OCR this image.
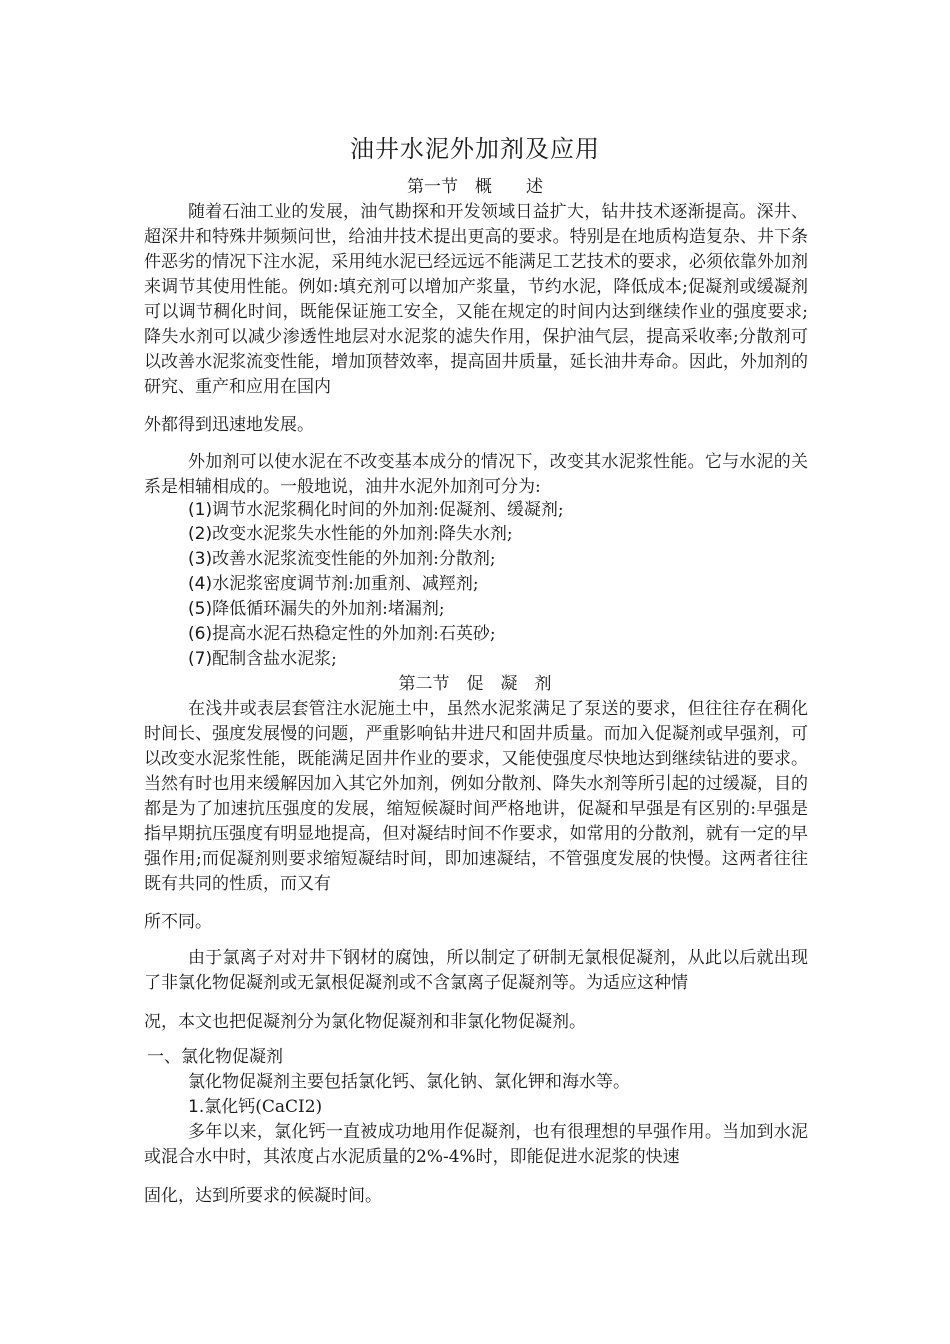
油井水泥外加剂及应用
第一节　概　　述

随着石油工业的发展，油气勘探和开发领域日益扩大，钻井技术逐渐提高。深井、超深井和特殊井频频问世，给油井技术提出更高的要求。特别是在地质构造复杂、井下条件恶劣的情况下注水泥，采用纯水泥已经远远不能满足工艺技术的要求，必须依靠外加剂来调节其使用性能。例如:填充剂可以增加产浆量，节约水泥，降低成本;促凝剂或缓凝剂可以调节稠化时间，既能保证施工安全，又能在规定的时间内达到继续作业的强度要求;降失水剂可以减少渗透性地层对水泥浆的滤失作用，保护油气层，提高采收率;分散剂可以改善水泥浆流变性能，增加顶替效率，提高固井质量，延长油井寿命。因此，外加剂的研究、重产和应用在国内

外都得到迅速地发展。

外加剂可以使水泥在不改变基本成分的情况下，改变其水泥浆性能。它与水泥的关系是相辅相成的。一般地说，油井水泥外加剂可分为:

(1)调节水泥浆稠化时间的外加剂:促凝剂、缓凝剂;
(2)改变水泥浆失水性能的外加剂:降失水剂;
(3)改善水泥浆流变性能的外加剂:分散剂;
(4)水泥浆密度调节剂:加重剂、减羥剂;
(5)降低循环漏失的外加剂:堵漏剂;
(6)提高水泥石热稳定性的外加剂:石英砂;
(7)配制含盐水泥浆;
第二节　促　凝　剂

在浅井或表层套管注水泥施土中，虽然水泥浆满足了泵送的要求，但往往存在稠化时间长、强度发展慢的问题，严重影响钻井进尺和固井质量。而加入促凝剂或早强剂，可以改变水泥浆性能，既能满足固井作业的要求，又能使强度尽快地达到继续钻进的要求。当然有时也用来缓解因加入其它外加剂，例如分散剂、降失水剂等所引起的过缓凝，目的都是为了加速抗压强度的发展，缩短候凝时间严格地讲，促凝和早强是有区别的:早强是指早期抗压强度有明显地提高，但对凝结时间不作要求，如常用的分散剂，就有一定的早强作用;而促凝剂则要求缩短凝结时间，即加速凝结，不管强度发展的快慢。这两者往往既有共同的性质，而又有

所不同。

由于氯离子对对井下钢材的腐蚀，所以制定了研制无氯根促凝剂，从此以后就出现了非氯化物促凝剂或无氯根促凝剂或不含氯离子促凝剂等。为适应这种情

况，本文也把促凝剂分为氯化物促凝剂和非氯化物促凝剂。
一、氯化物促凝剂
氯化物促凝剂主要包括氯化钙、氯化钠、氯化钾和海水等。
1.氯化钙(CaCI2)

多年以来，氯化钙一直被成功地用作促凝剂，也有很理想的早强作用。当加到水泥或混合水中时，其浓度占水泥质量的2%-4%时，即能促进水泥浆的快速

固化，达到所要求的候凝时间。
